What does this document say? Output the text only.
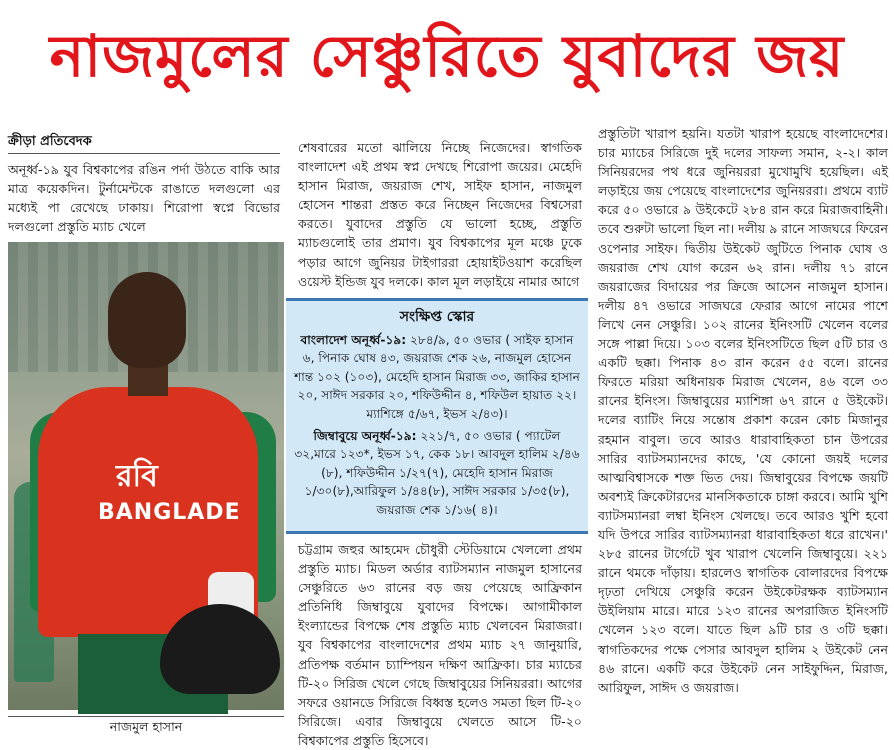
নাজমুলের সেঞ্চুরিতে যুবাদের জয়
ক্রীড়া প্রতিবেদক
অনূর্ধ্ব-১৯ যুব বিশ্বকাপের রঙিন পর্দা উঠতে বাকি আর মাত্র কয়েকদিন। টুর্নামেন্টকে রাঙাতে দলগুলো এর মধ্যেই পা রেখেছে ঢাকায়। শিরোপা স্বপ্নে বিভোর দলগুলো প্রস্তুতি ম্যাচ খেলে
রবি
BANGLADE
নাজমুল হাসান
শেষবারের মতো ঝালিয়ে নিচ্ছে নিজেদের। স্বাগতিক বাংলাদেশ এই প্রথম স্বপ্ন দেখছে শিরোপা জয়ের। মেহেদি হাসান মিরাজ, জয়রাজ শেখ, সাইফ হাসান, নাজমুল হোসেন শান্তরা প্রস্তত করে নিচ্ছেন নিজেদের বিশ্বসেরা করতে। যুবাদের প্রস্তুতি যে ভালো হচ্ছে, প্রস্তুতি ম্যাচগুলোই তার প্রমাণ। যুব বিশ্বকাপের মূল মঞ্চে ঢুকে পড়ার আগে জুনিয়র টাইগাররা হোয়াইটওয়াশ করেছিল ওয়েস্ট ইন্ডিজ যুব দলকে। কাল মূল লড়াইয়ে নামার আগে
সংক্ষিপ্ত স্কোর
বাংলাদেশ অনূর্ধ্ব-১৯: ২৮৪/৯, ৫০ ওভার ( সাইফ হাসান ৬, পিনাক ঘোষ ৪৩, জয়রাজ শেক ২৬, নাজমুল হোসেন শান্ত ১০২ (১০৩), মেহেদি হাসান মিরাজ ৩৩, জাকির হাসান ২০, সাঈদ সরকার ২০, শফিউদ্দীন ৪, শফিউল হায়াত ২২। ম্যাশিঙ্গে ৫/৬৭, ইভস ২/৪৩)।
জিম্বাবুয়ে অনূর্ধ্ব-১৯: ২২১/৭, ৫০ ওভার ( প্যাটেল ৩২,মারে ১২৩*, ইভস ১৭, কেক ১৮। আবদুল হালিম ২/৪৬ (৮), শফিউদ্দীন ১/২৭(৭), মেহেদি হাসান মিরাজ ১/৩০(৮),আরিফুল ১/৪৪(৮), সাঈদ সরকার ১/৩৫(৮), জয়রাজ শেক ১/১৬( ৪)।
চট্টগ্রাম জহুর আহমেদ চৌধুরী স্টেডিয়ামে খেললো প্রথম প্রস্তুতি ম্যাচ। মিডল অর্ডার ব্যাটসম্যান নাজমুল হাসানের সেঞ্চুরিতে ৬৩ রানের বড় জয় পেয়েছে আফ্রিকান প্রতিনিধি জিম্বাবুয়ে যুবাদের বিপক্ষে। আগামীকাল ইংল্যান্ডের বিপক্ষে শেষ প্রস্তুতি ম্যাচ খেলবেন মিরাজরা। যুব বিশ্বকাপের বাংলাদেশের প্রথম ম্যাচ ২৭ জানুয়ারি, প্রতিপক্ষ বর্তমান চ্যাম্পিয়ন দক্ষিণ আফ্রিকা। চার ম্যাচের টি-২০ সিরিজ খেলে গেছে জিম্বাবুয়ের সিনিয়ররা। আগের সফরে ওয়ানডে সিরিজে বিধ্বস্ত হলেও সমতা ছিল টি-২০ সিরিজে। এবার জিম্বাবুয়ে খেলতে আসে টি-২০ বিশ্বকাপের প্রস্তুতি হিসেবে।
প্রস্তুতিটা খারাপ হয়নি। যতটা খারাপ হয়েছে বাংলাদেশের। চার ম্যাচের সিরিজে দুই দলের সাফল্য সমান, ২-২। কাল সিনিয়রদের পথ ধরে জুনিয়ররা মুখোমুখি হয়েছিল। এই লড়াইয়ে জয় পেয়েছে বাংলাদেশের জুনিয়ররা। প্রথমে ব্যাট করে ৫০ ওভারে ৯ উইকেটে ২৮৪ রান করে মিরাজবাহিনী। তবে শুরুটা ভালো ছিল না। দলীয় ৯ রানে সাজঘরে ফিরেন ওপেনার সাইফ। দ্বিতীয় উইকেট জুটিতে পিনাক ঘোষ ও জয়রাজ শেখ যোগ করেন ৬২ রান। দলীয় ৭১ রানে জয়রাজের বিদায়ের পর ক্রিজে আসেন নাজমুল হাসান। দলীয় ৪৭ ওভারে সাজঘরে ফেরার আগে নামের পাশে লিখে নেন সেঞ্চুরি। ১০২ রানের ইনিংসটি খেলেন বলের সঙ্গে পাল্লা দিয়ে। ১০৩ বলের ইনিংসটিতে ছিল ৫টি চার ও একটি ছক্কা। পিনাক ৪৩ রান করেন ৫৫ বলে। রানের ফিরতে মরিয়া অধিনায়ক মিরাজ খেলেন, ৪৬ বলে ৩৩ রানের ইনিংস। জিম্বাবুয়ের ম্যাশিঙ্গা ৬৭ রানে ৫ উইকেট। দলের ব্যাটিং নিয়ে সন্তোষ প্রকাশ করেন কোচ মিজানুর রহমান বাবুল। তবে আরও ধারাবাহিকতা চান উপরের সারির ব্যাটসম্যানদের কাছে, 'যে কোনো জয়ই দলের আত্মবিশ্বাসকে শক্ত ভিত দেয়। জিম্বাবুয়ের বিপক্ষে জয়টি অবশ্যই ক্রিকেটারদের মানসিকতাকে চাঙ্গা করবে। আমি খুশি ব্যাটসম্যানরা লম্বা ইনিংস খেলছে। তবে আরও খুশি হবো যদি উপরে সারির ব্যাটসম্যানরা ধারাবাহিকতা ধরে রাখেন।' ২৮৫ রানের টার্গেটে খুব খারাপ খেলেনি জিম্বাবুয়ে। ২২১ রানে থমকে দাঁড়ায়। হারলেও স্বাগতিক বোলারদের বিপক্ষে দৃঢ়তা দেখিয়ে সেঞ্চুরি করেন উইকেটরক্ষক ব্যাটসম্যান উইলিয়াম মারে। মারে ১২৩ রানের অপরাজিত ইনিংসটি খেলেন ১২৩ বলে। যাতে ছিল ৯টি চার ও ৩টি ছক্কা। স্বাগতিকদের পক্ষে পেসার আবদুল হালিম ২ উইকেট নেন ৪৬ রানে। একটি করে উইকেট নেন সাইফুদ্দিন, মিরাজ, আরিফুল, সাঈদ ও জয়রাজ।
